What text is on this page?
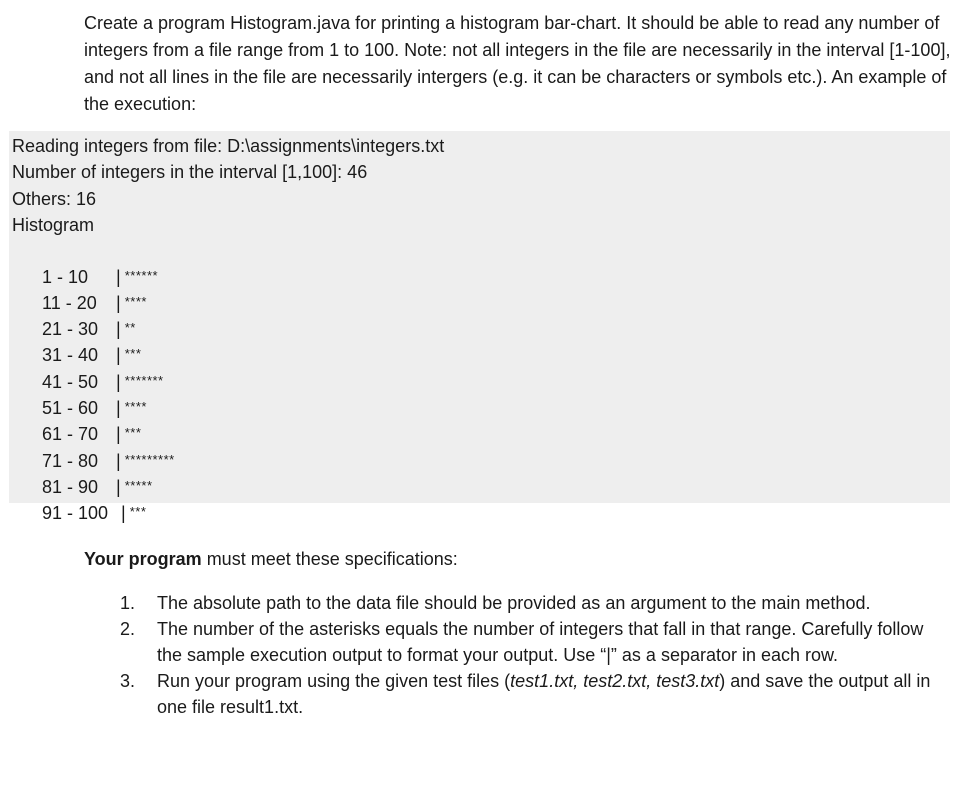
Create a program Histogram.java for printing a histogram bar-chart. It should be able to read any number of integers from a file range from 1 to 100. Note: not all integers in the file are necessarily in the interval [1-100], and not all lines in the file are necessarily intergers (e.g. it can be characters or symbols etc.). An example of the execution:

Reading integers from file: D:\assignments\integers.txt
Number of integers in the interval [1,100]: 46
Others: 16
Histogram

1 - 10 | ******

11 - 20 | ****

21 - 30 | **

31 - 40 | ***

41 - 50 | *******

51 - 60 | ****

61 - 70 | ***

71 - 80 | *********

81 - 90 | *****

91 - 100 | ***

Your program must meet these specifications:
1. The absolute path to the data file should be provided as an argument to the main method.
2. The number of the asterisks equals the number of integers that fall in that range. Carefully follow the sample execution output to format your output. Use “|” as a separator in each row.
3. Run your program using the given test files (test1.txt, test2.txt, test3.txt) and save the output all in one file result1.txt.
